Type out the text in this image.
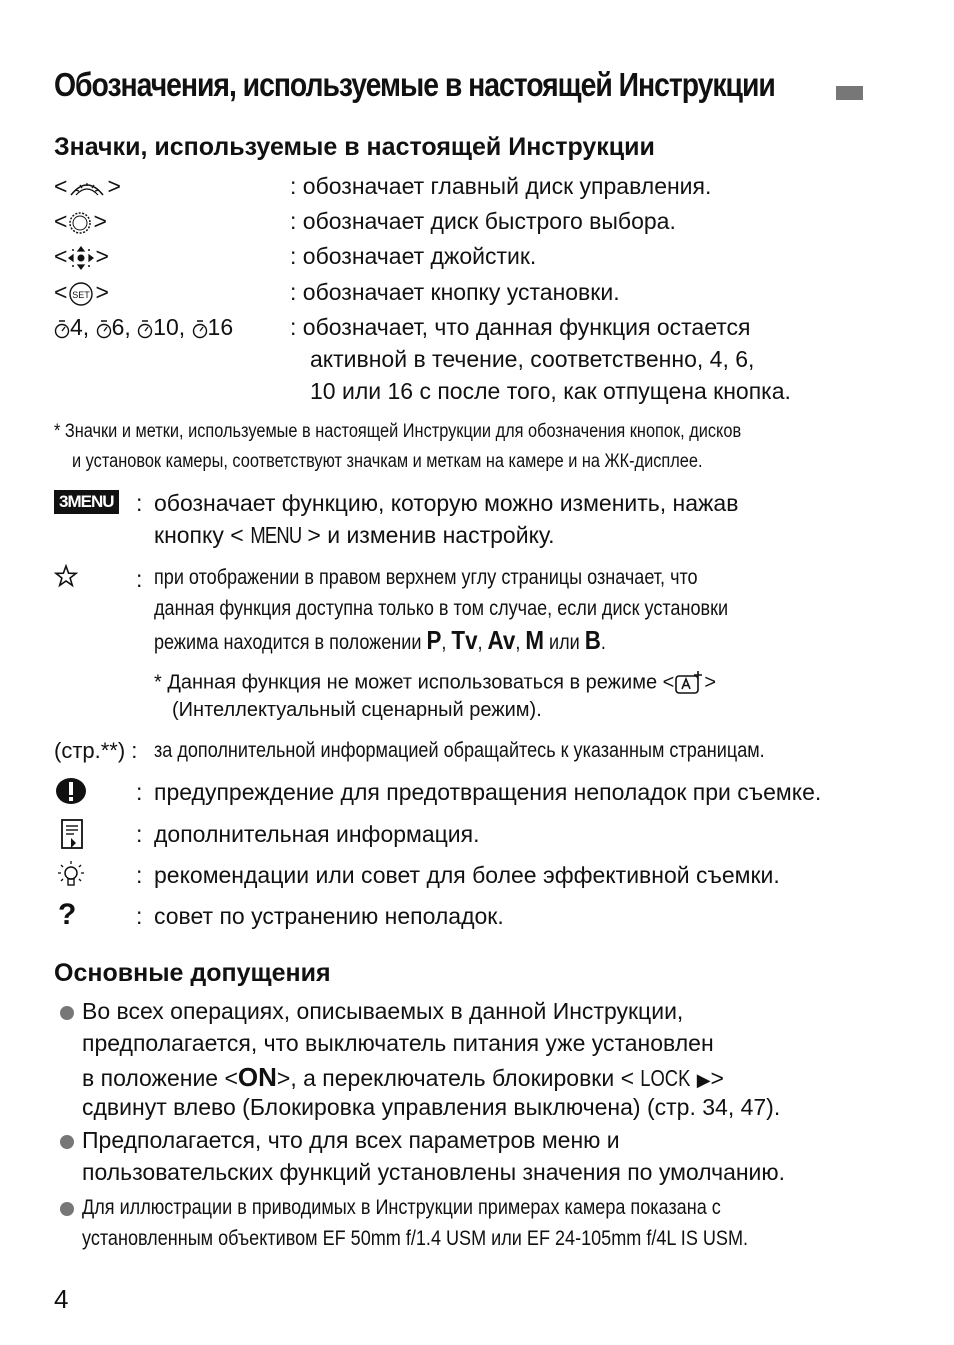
Обозначения, используемые в настоящей Инструкции
Значки, используемые в настоящей Инструкции
< >	: обозначает главный диск управления.
< >	: обозначает диск быстрого выбора.
< >	: обозначает джойстик.
< SET >	: обозначает кнопку установки.
4, 6, 10, 16 : обозначает, что данная функция остается
активной в течение, соответственно, 4, 6,
10 или 16 с после того, как отпущена кнопка.
* Значки и метки, используемые в настоящей Инструкции для обозначения кнопок, дисков
и установок камеры, соответствуют значкам и меткам на камере и на ЖК-дисплее.
3MENU : обозначает функцию, которую можно изменить, нажав
кнопку < MENU > и изменив настройку.
: при отображении в правом верхнем углу страницы означает, что
данная функция доступна только в том случае, если диск установки
режима находится в положении P, Tv, Av, M или B.
* Данная функция не может использоваться в режиме < >
(Интеллектуальный сценарный режим).
(стр.**) : за дополнительной информацией обращайтесь к указанным страницам.
: предупреждение для предотвращения неполадок при съемке.
: дополнительная информация.
: рекомендации или совет для более эффективной съемки.
?	: совет по устранению неполадок.
Основные допущения
Во всех операциях, описываемых в данной Инструкции,
предполагается, что выключатель питания уже установлен
в положение <ON>, а переключатель блокировки < LOCK ▶>
сдвинут влево (Блокировка управления выключена) (стр. 34, 47).
Предполагается, что для всех параметров меню и
пользовательских функций установлены значения по умолчанию.
Для иллюстрации в приводимых в Инструкции примерах камера показана с
установленным объективом EF 50mm f/1.4 USM или EF 24-105mm f/4L IS USM.
4
